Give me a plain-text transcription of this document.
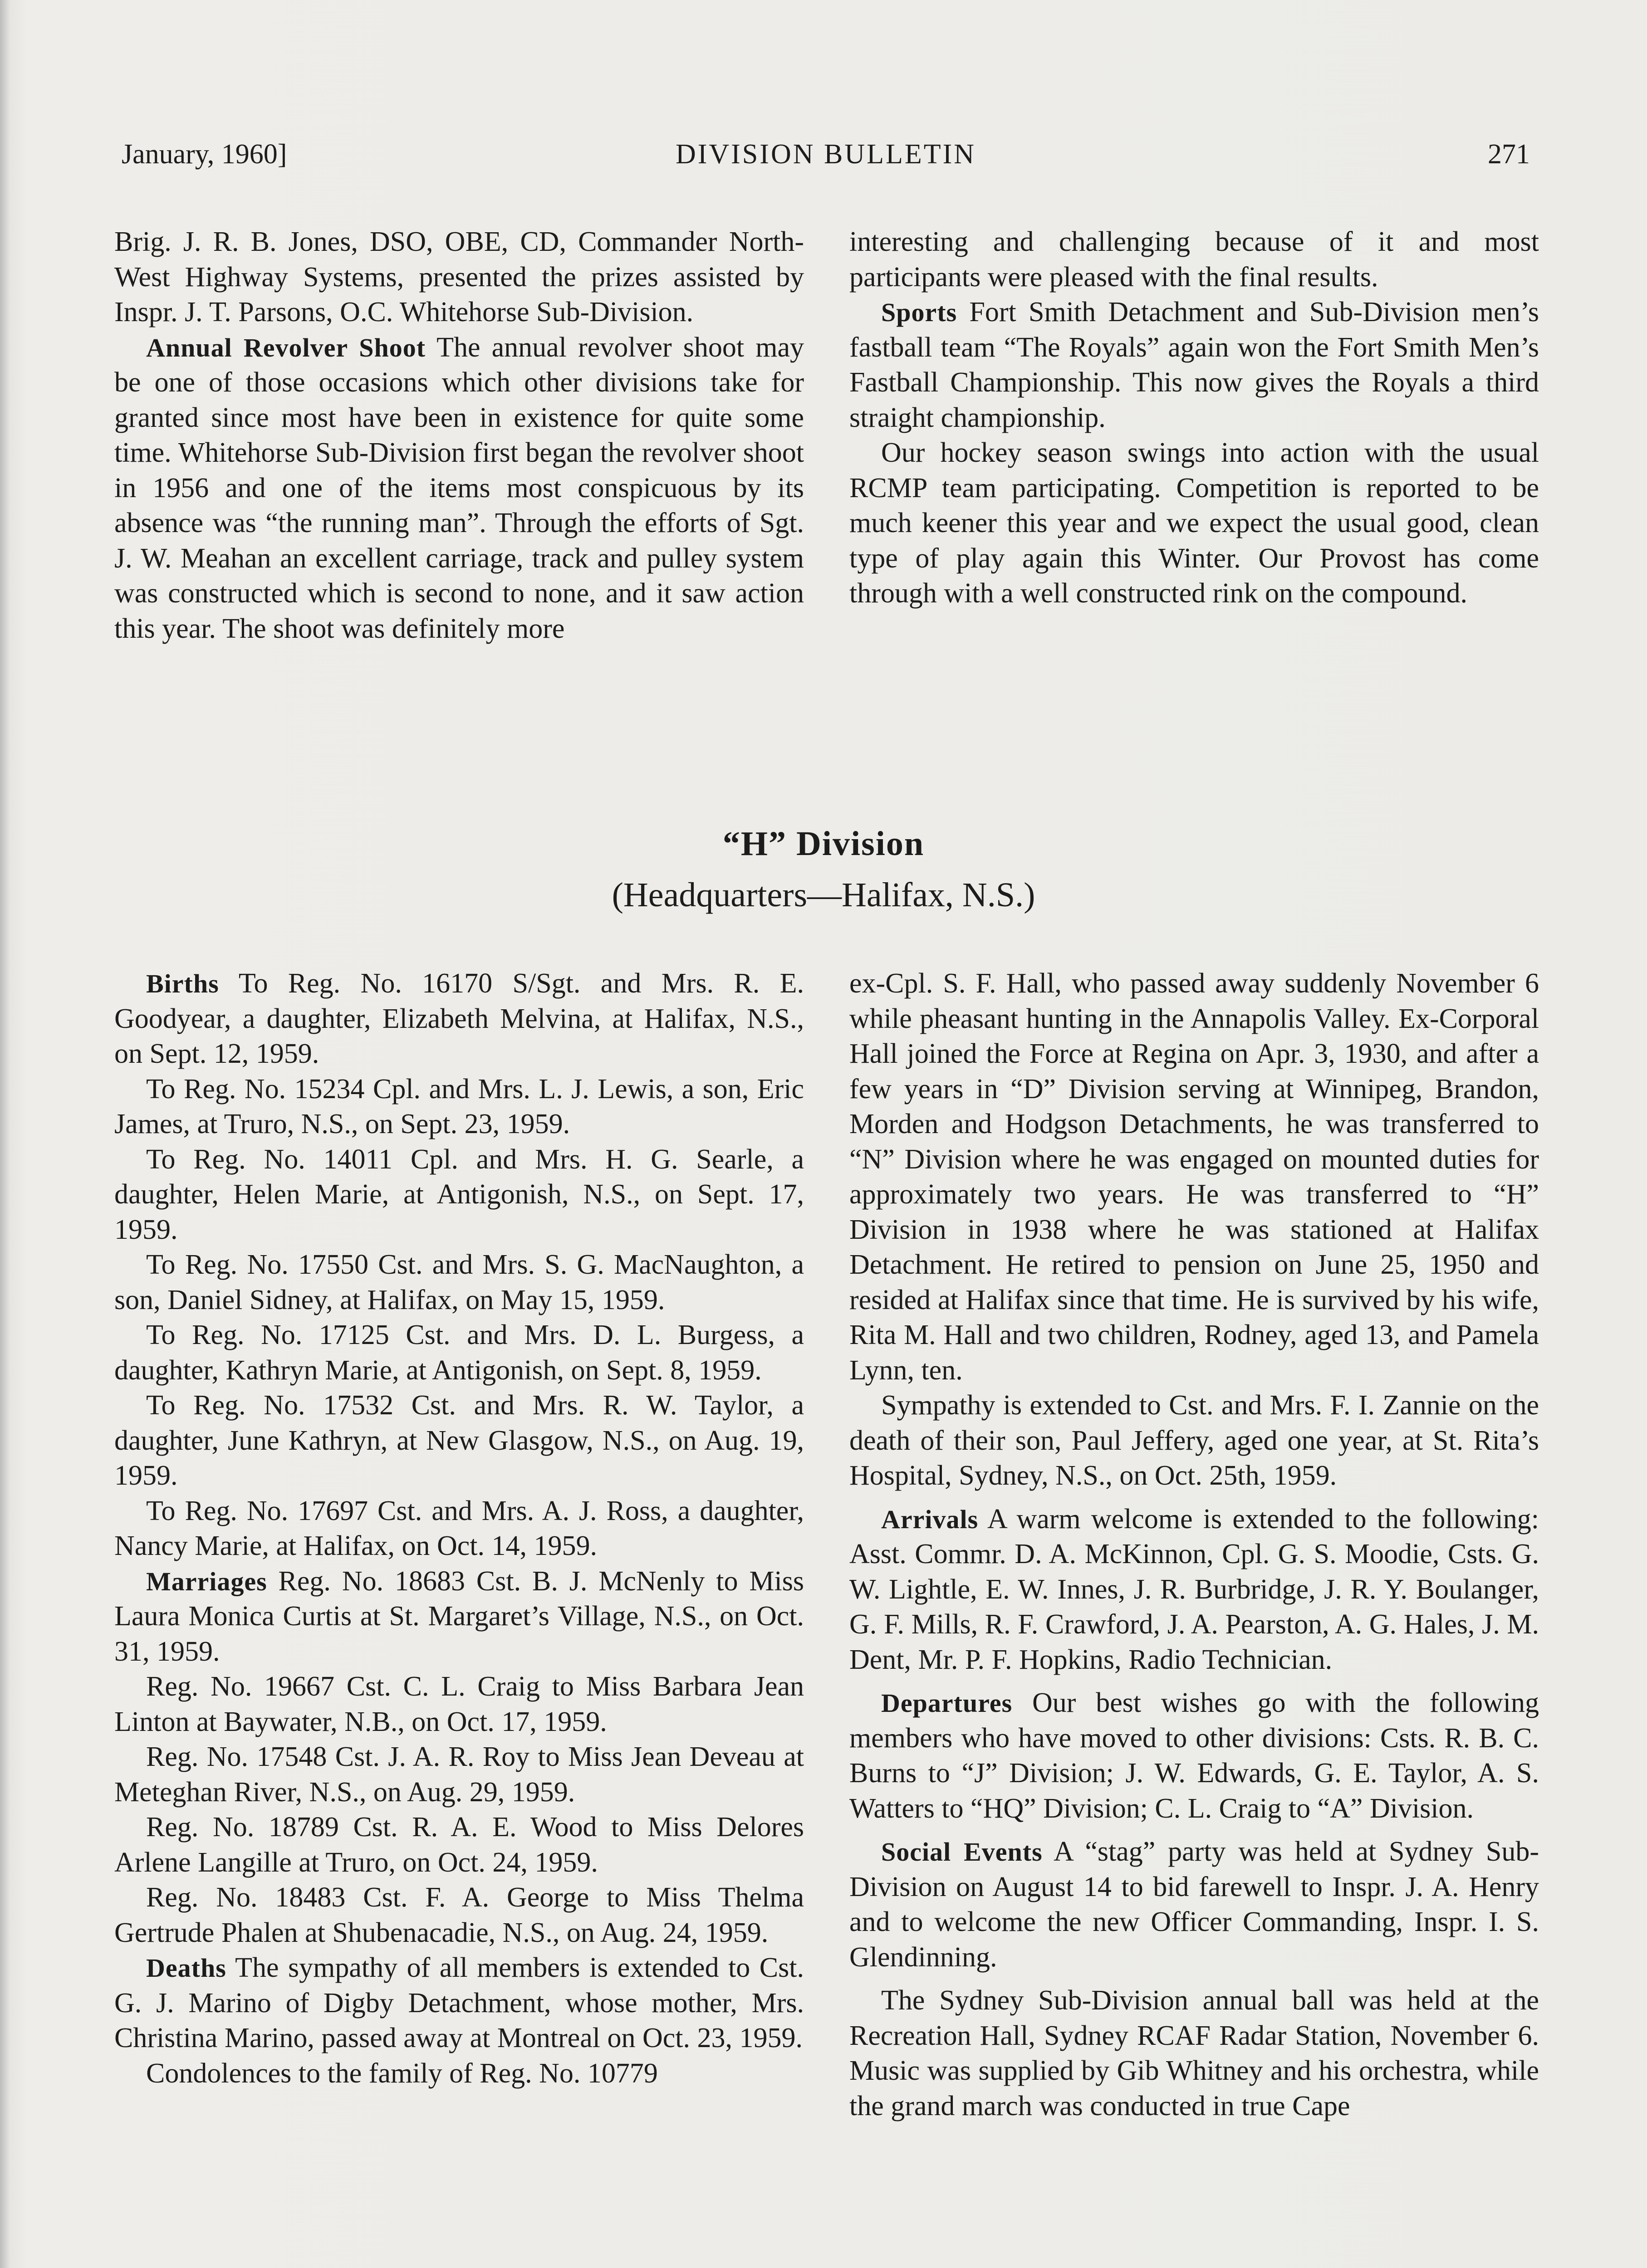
January, 1960]	DIVISION BULLETIN	271

Brig. J. R. B. Jones, DSO, OBE, CD, Commander North-West Highway Systems, presented the prizes assisted by Inspr. J. T. Parsons, O.C. Whitehorse Sub-Division.

Annual Revolver Shoot The annual revolver shoot may be one of those occasions which other divisions take for granted since most have been in existence for quite some time. Whitehorse Sub-Division first began the revolver shoot in 1956 and one of the items most conspicuous by its absence was “the running man”. Through the efforts of Sgt. J. W. Meahan an excellent carriage, track and pulley system was constructed which is second to none, and it saw action this year. The shoot was definitely more

interesting and challenging because of it and most participants were pleased with the final results.

Sports Fort Smith Detachment and Sub-Division men’s fastball team “The Royals” again won the Fort Smith Men’s Fastball Championship. This now gives the Royals a third straight championship.

Our hockey season swings into action with the usual RCMP team participating. Competition is reported to be much keener this year and we expect the usual good, clean type of play again this Winter. Our Provost has come through with a well constructed rink on the compound.

“H” Division
(Headquarters—Halifax, N.S.)

Births To Reg. No. 16170 S/Sgt. and Mrs. R. E. Goodyear, a daughter, Elizabeth Melvina, at Halifax, N.S., on Sept. 12, 1959.

To Reg. No. 15234 Cpl. and Mrs. L. J. Lewis, a son, Eric James, at Truro, N.S., on Sept. 23, 1959.

To Reg. No. 14011 Cpl. and Mrs. H. G. Searle, a daughter, Helen Marie, at Antigonish, N.S., on Sept. 17, 1959.

To Reg. No. 17550 Cst. and Mrs. S. G. MacNaughton, a son, Daniel Sidney, at Halifax, on May 15, 1959.

To Reg. No. 17125 Cst. and Mrs. D. L. Burgess, a daughter, Kathryn Marie, at Antigonish, on Sept. 8, 1959.

To Reg. No. 17532 Cst. and Mrs. R. W. Taylor, a daughter, June Kathryn, at New Glasgow, N.S., on Aug. 19, 1959.

To Reg. No. 17697 Cst. and Mrs. A. J. Ross, a daughter, Nancy Marie, at Halifax, on Oct. 14, 1959.

Marriages Reg. No. 18683 Cst. B. J. McNenly to Miss Laura Monica Curtis at St. Margaret’s Village, N.S., on Oct. 31, 1959.

Reg. No. 19667 Cst. C. L. Craig to Miss Barbara Jean Linton at Baywater, N.B., on Oct. 17, 1959.

Reg. No. 17548 Cst. J. A. R. Roy to Miss Jean Deveau at Meteghan River, N.S., on Aug. 29, 1959.

Reg. No. 18789 Cst. R. A. E. Wood to Miss Delores Arlene Langille at Truro, on Oct. 24, 1959.

Reg. No. 18483 Cst. F. A. George to Miss Thelma Gertrude Phalen at Shubenacadie, N.S., on Aug. 24, 1959.

Deaths The sympathy of all members is extended to Cst. G. J. Marino of Digby Detachment, whose mother, Mrs. Christina Marino, passed away at Montreal on Oct. 23, 1959.

Condolences to the family of Reg. No. 10779

ex-Cpl. S. F. Hall, who passed away suddenly November 6 while pheasant hunting in the Annapolis Valley. Ex-Corporal Hall joined the Force at Regina on Apr. 3, 1930, and after a few years in “D” Division serving at Winnipeg, Brandon, Morden and Hodgson Detachments, he was transferred to “N” Division where he was engaged on mounted duties for approximately two years. He was transferred to “H” Division in 1938 where he was stationed at Halifax Detachment. He retired to pension on June 25, 1950 and resided at Halifax since that time. He is survived by his wife, Rita M. Hall and two children, Rodney, aged 13, and Pamela Lynn, ten.

Sympathy is extended to Cst. and Mrs. F. I. Zannie on the death of their son, Paul Jeffery, aged one year, at St. Rita’s Hospital, Sydney, N.S., on Oct. 25th, 1959.

Arrivals A warm welcome is extended to the following: Asst. Commr. D. A. McKinnon, Cpl. G. S. Moodie, Csts. G. W. Lightle, E. W. Innes, J. R. Burbridge, J. R. Y. Boulanger, G. F. Mills, R. F. Crawford, J. A. Pearston, A. G. Hales, J. M. Dent, Mr. P. F. Hopkins, Radio Technician.

Departures Our best wishes go with the following members who have moved to other divisions: Csts. R. B. C. Burns to “J” Division; J. W. Edwards, G. E. Taylor, A. S. Watters to “HQ” Division; C. L. Craig to “A” Division.

Social Events A “stag” party was held at Sydney Sub-Division on August 14 to bid farewell to Inspr. J. A. Henry and to welcome the new Officer Commanding, Inspr. I. S. Glendinning.

The Sydney Sub-Division annual ball was held at the Recreation Hall, Sydney RCAF Radar Station, November 6. Music was supplied by Gib Whitney and his orchestra, while the grand march was conducted in true Cape
